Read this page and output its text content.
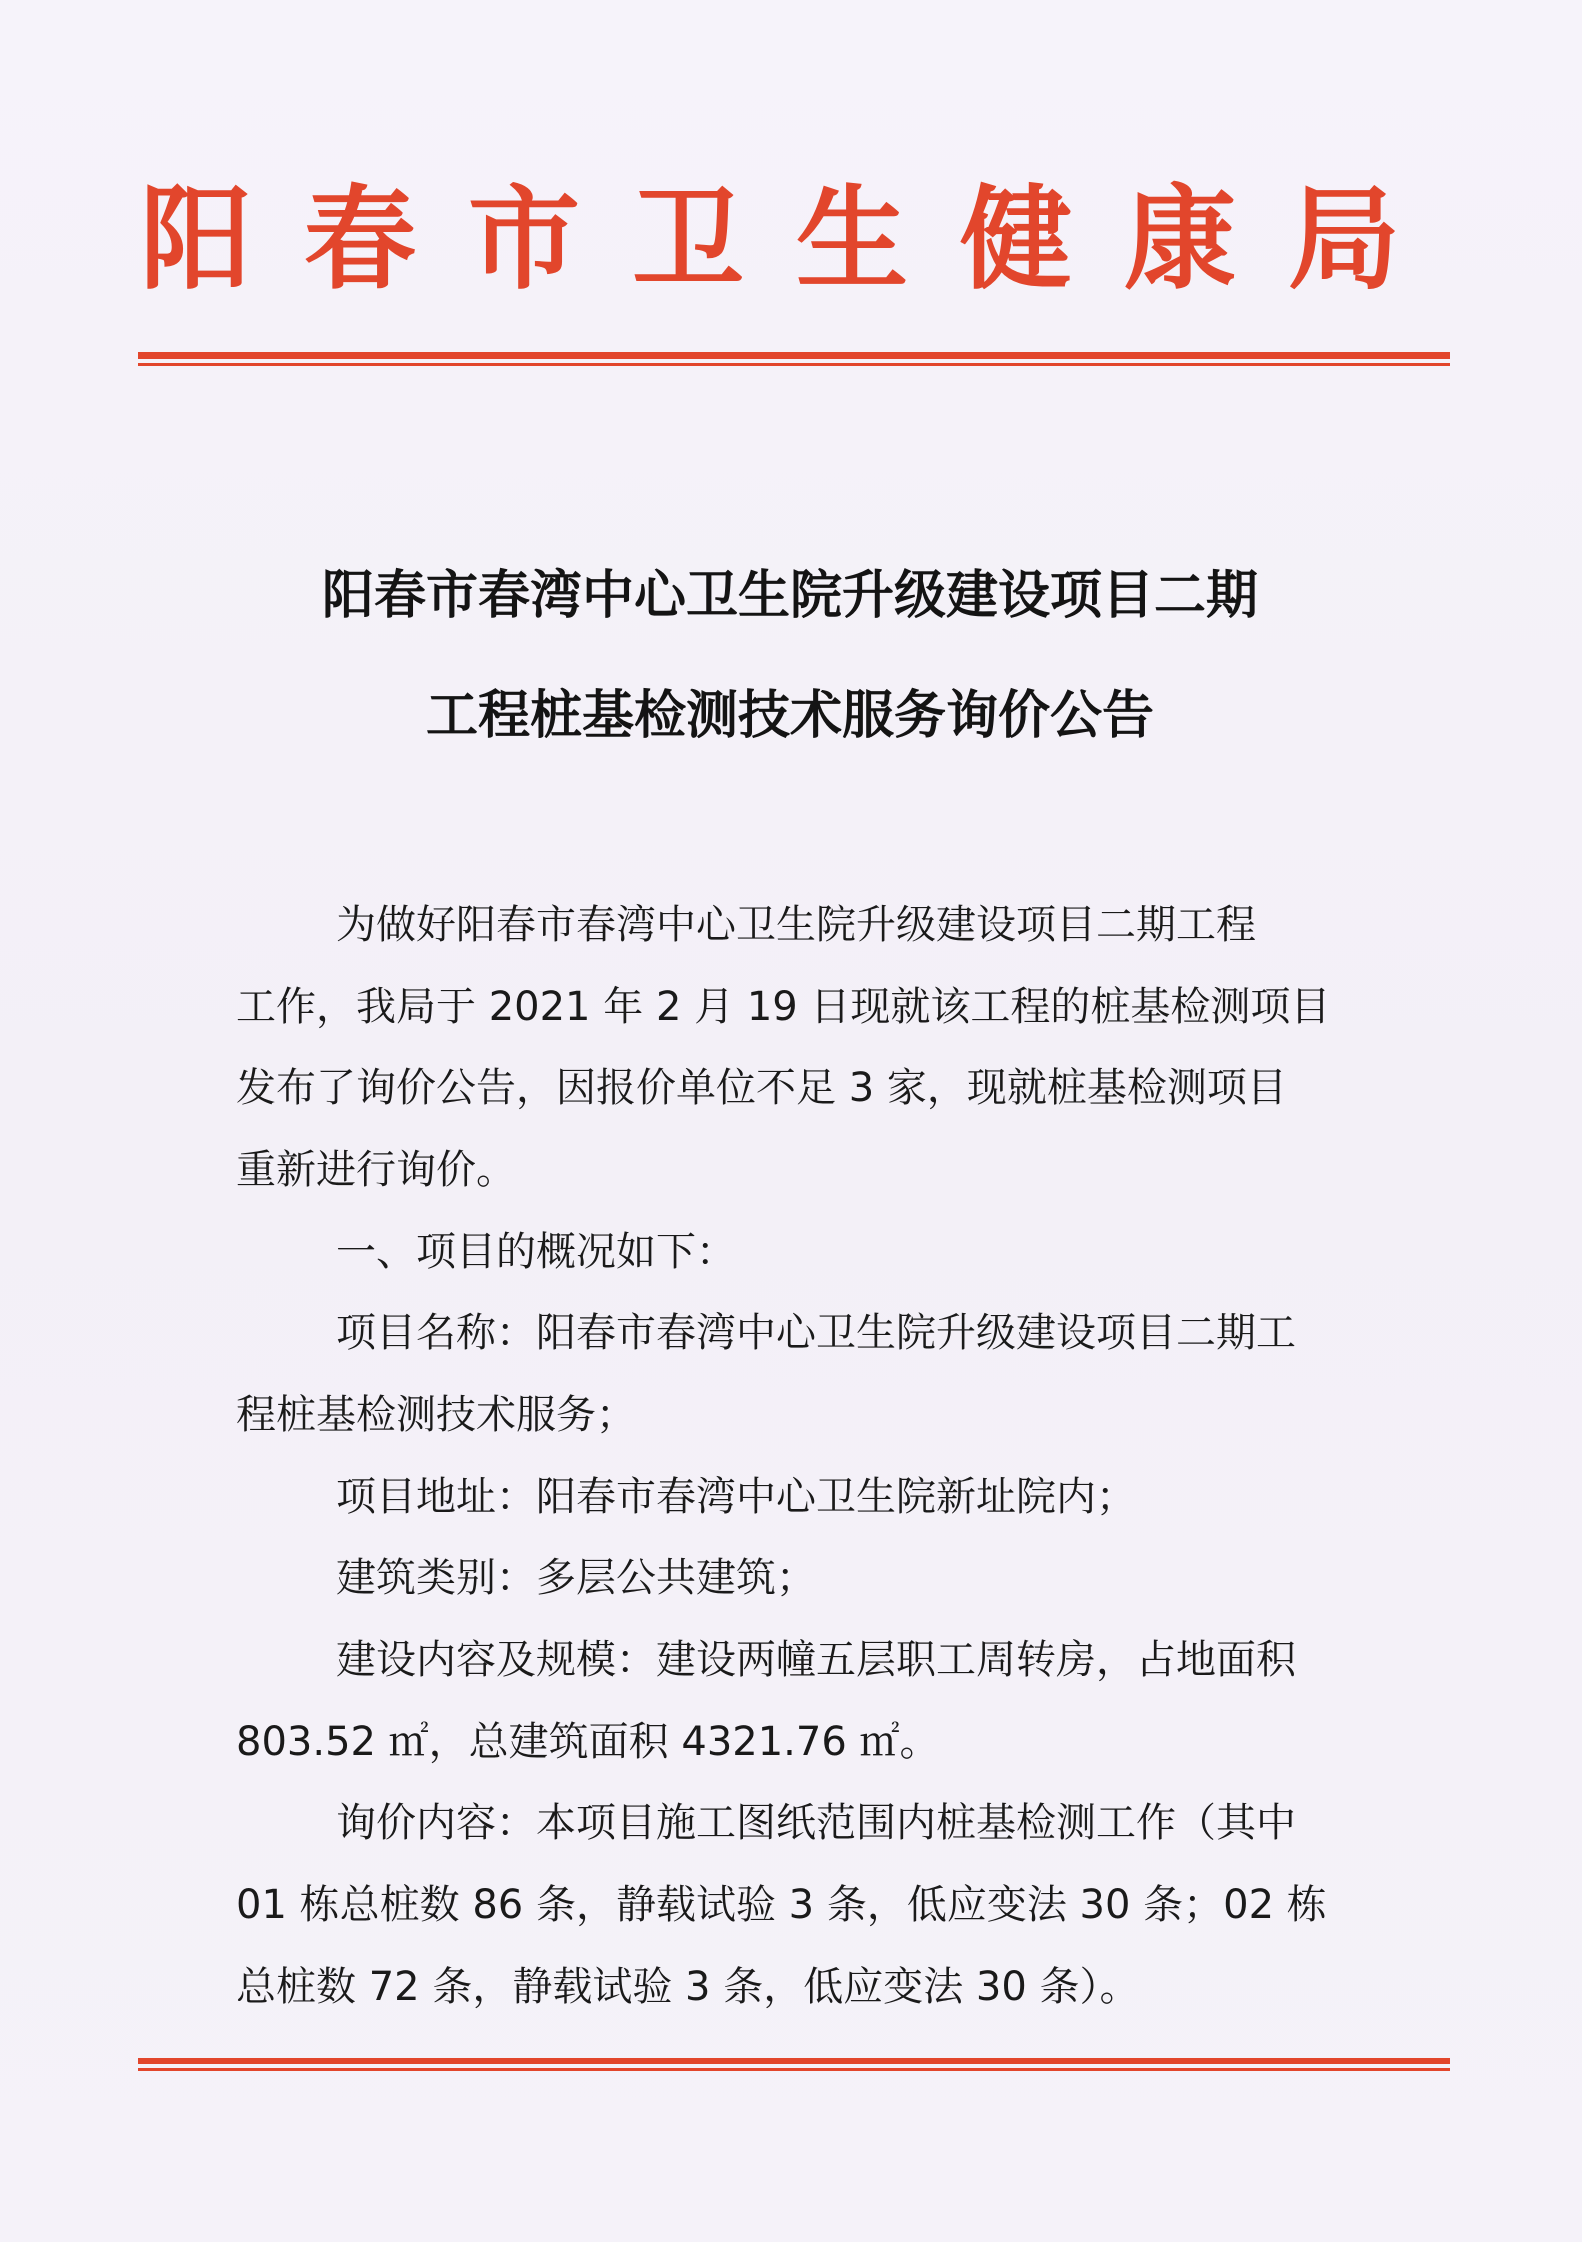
阳 春 市 卫 生 健 康 局
阳春市春湾中心卫生院升级建设项目二期
工程桩基检测技术服务询价公告
为做好阳春市春湾中心卫生院升级建设项目二期工程
工作，我局于 2021 年 2 月 19 日现就该工程的桩基检测项目
发布了询价公告，因报价单位不足 3 家，现就桩基检测项目
重新进行询价。
一、项目的概况如下：
项目名称：阳春市春湾中心卫生院升级建设项目二期工
程桩基检测技术服务；
项目地址：阳春市春湾中心卫生院新址院内；
建筑类别：多层公共建筑；
建设内容及规模：建设两幢五层职工周转房，占地面积
803.52 ㎡，总建筑面积 4321.76 ㎡。
询价内容：本项目施工图纸范围内桩基检测工作（其中
01 栋总桩数 86 条，静载试验 3 条，低应变法 30 条；02 栋
总桩数 72 条，静载试验 3 条，低应变法 30 条）。
